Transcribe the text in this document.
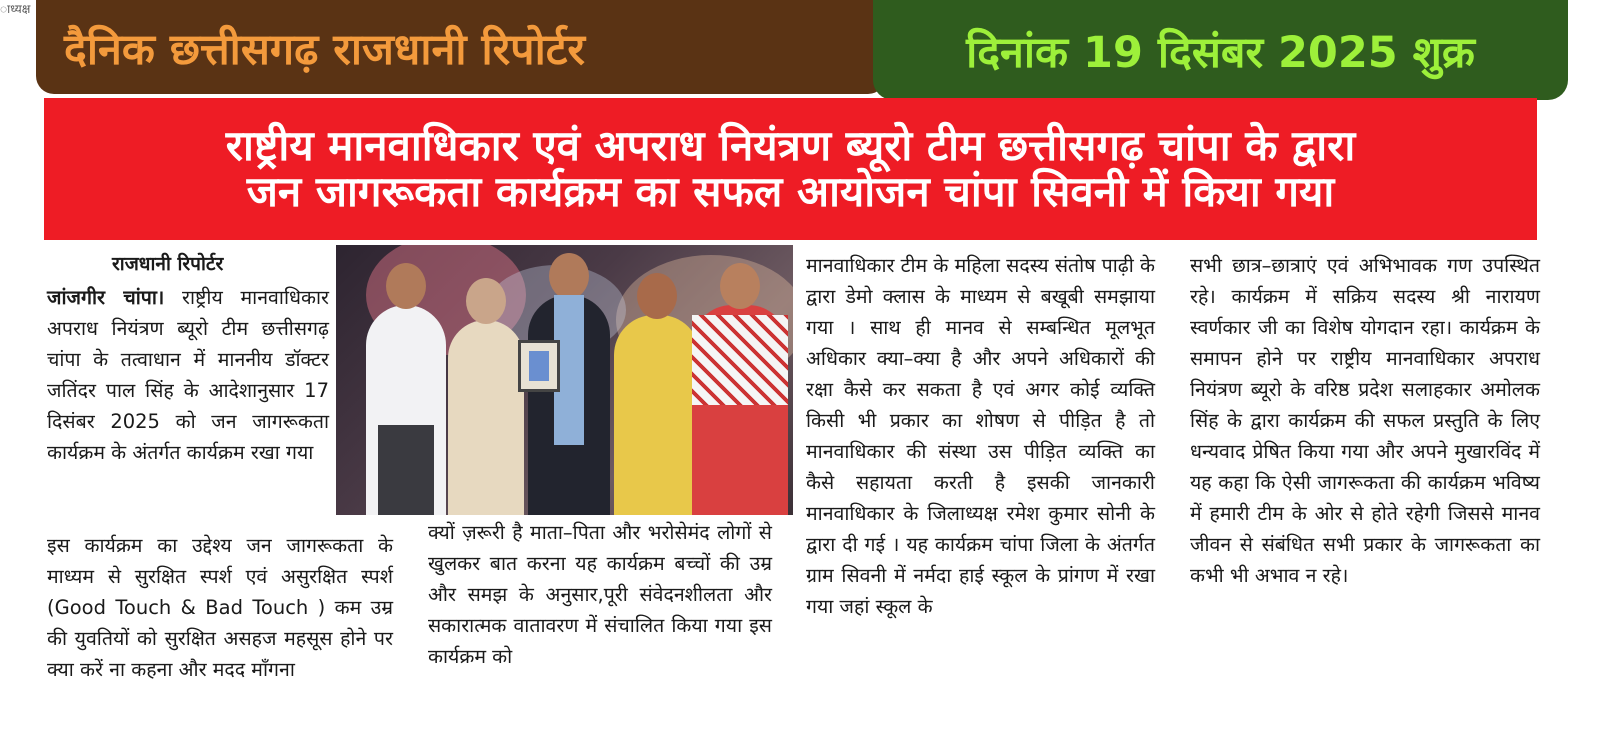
ाध्यक्ष
दैनिक छत्तीसगढ़ राजधानी रिपोर्टर	दिनांक 19 दिसंबर 2025 शुक्र
राष्ट्रीय मानवाधिकार एवं अपराध नियंत्रण ब्यूरो टीम छत्तीसगढ़ चांपा के द्वारा
जन जागरूकता कार्यक्रम का सफल आयोजन चांपा सिवनी में किया गया
राजधानी रिपोर्टर

जांजगीर चांपा। राष्ट्रीय मानवाधिकार अपराध नियंत्रण ब्यूरो टीम छत्तीसगढ़ चांपा के तत्वाधान में माननीय डॉक्टर जतिंदर पाल सिंह के आदेशानुसार 17 दिसंबर 2025 को जन जागरूकता कार्यक्रम के अंतर्गत कार्यक्रम रखा गया

इस कार्यक्रम का उद्देश्य जन जागरूकता के माध्यम से सुरक्षित स्पर्श एवं असुरक्षित स्पर्श (Good Touch & Bad Touch ) कम उम्र की युवतियों को सुरक्षित असहज महसूस होने पर क्या करें ना कहना और मदद माँगना

क्यों ज़रूरी है माता–पिता और भरोसेमंद लोगों से खुलकर बात करना यह कार्यक्रम बच्चों की उम्र और समझ के अनुसार,पूरी संवेदनशीलता और सकारात्मक वातावरण में संचालित किया गया इस कार्यक्रम को

मानवाधिकार टीम के महिला सदस्य संतोष पाढ़ी के द्वारा डेमो क्लास के माध्यम से बखूबी समझाया गया । साथ ही मानव से सम्बन्धित मूलभूत अधिकार क्या–क्या है और अपने अधिकारों की रक्षा कैसे कर सकता है एवं अगर कोई व्यक्ति किसी भी प्रकार का शोषण से पीड़ित है तो मानवाधिकार की संस्था उस पीड़ित व्यक्ति का कैसे सहायता करती है इसकी जानकारी मानवाधिकार के जिलाध्यक्ष रमेश कुमार सोनी के द्वारा दी गई । यह कार्यक्रम चांपा जिला के अंतर्गत ग्राम सिवनी में नर्मदा हाई स्कूल के प्रांगण में रखा गया जहां स्कूल के

सभी छात्र–छात्राएं एवं अभिभावक गण उपस्थित रहे। कार्यक्रम में सक्रिय सदस्य श्री नारायण स्वर्णकार जी का विशेष योगदान रहा। कार्यक्रम के समापन होने पर राष्ट्रीय मानवाधिकार अपराध नियंत्रण ब्यूरो के वरिष्ठ प्रदेश सलाहकार अमोलक सिंह के द्वारा कार्यक्रम की सफल प्रस्तुति के लिए धन्यवाद प्रेषित किया गया और अपने मुखारविंद में यह कहा कि ऐसी जागरूकता की कार्यक्रम भविष्य में हमारी टीम के ओर से होते रहेगी जिससे मानव जीवन से संबंधित सभी प्रकार के जागरूकता का कभी भी अभाव न रहे।
